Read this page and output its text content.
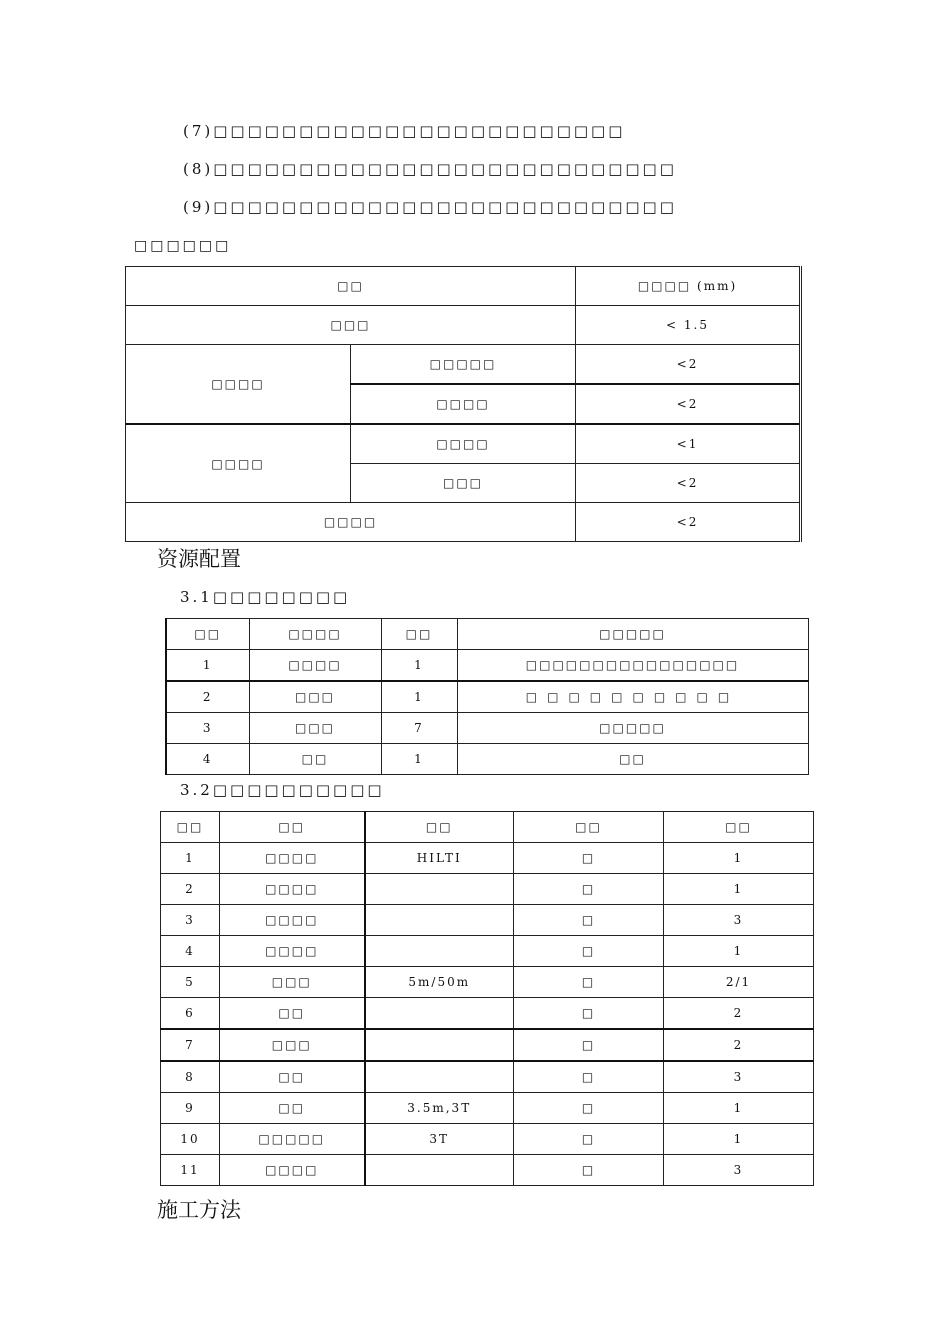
(7)□□□□□□□□□□□□□□□□□□□□□□□□
(8)□□□□□□□□□□□□□□□□□□□□□□□□□□□
(9)□□□□□□□□□□□□□□□□□□□□□□□□□□□
□□□□□□
□□		□□□□ (mm)
□□□		< 1.5
□□□□	□□□□□	<2
	□□□□	<2
□□□□	□□□□	<1
	□□□	<2
□□□□		<2
资源配置
3.1□□□□□□□□
□□	□□□□	□□	□□□□□
1	□□□□	1	□□□□□□□□□□□□□□□□
2	□□□	1	□□□□□□□□□□
3	□□□	7	□□□□□
4	□□	1	□□
3.2□□□□□□□□□□
□□	□□	□□	□□	□□
1	□□□□	HILTI	□	1
2	□□□□		□	1
3	□□□□		□	3
4	□□□□		□	1
5	□□□	5m/50m	□	2/1
6	□□		□	2
7	□□□		□	2
8	□□		□	3
9	□□	3.5m,3T	□	1
10	□□□□□	3T	□	1
11	□□□□		□	3
施工方法
